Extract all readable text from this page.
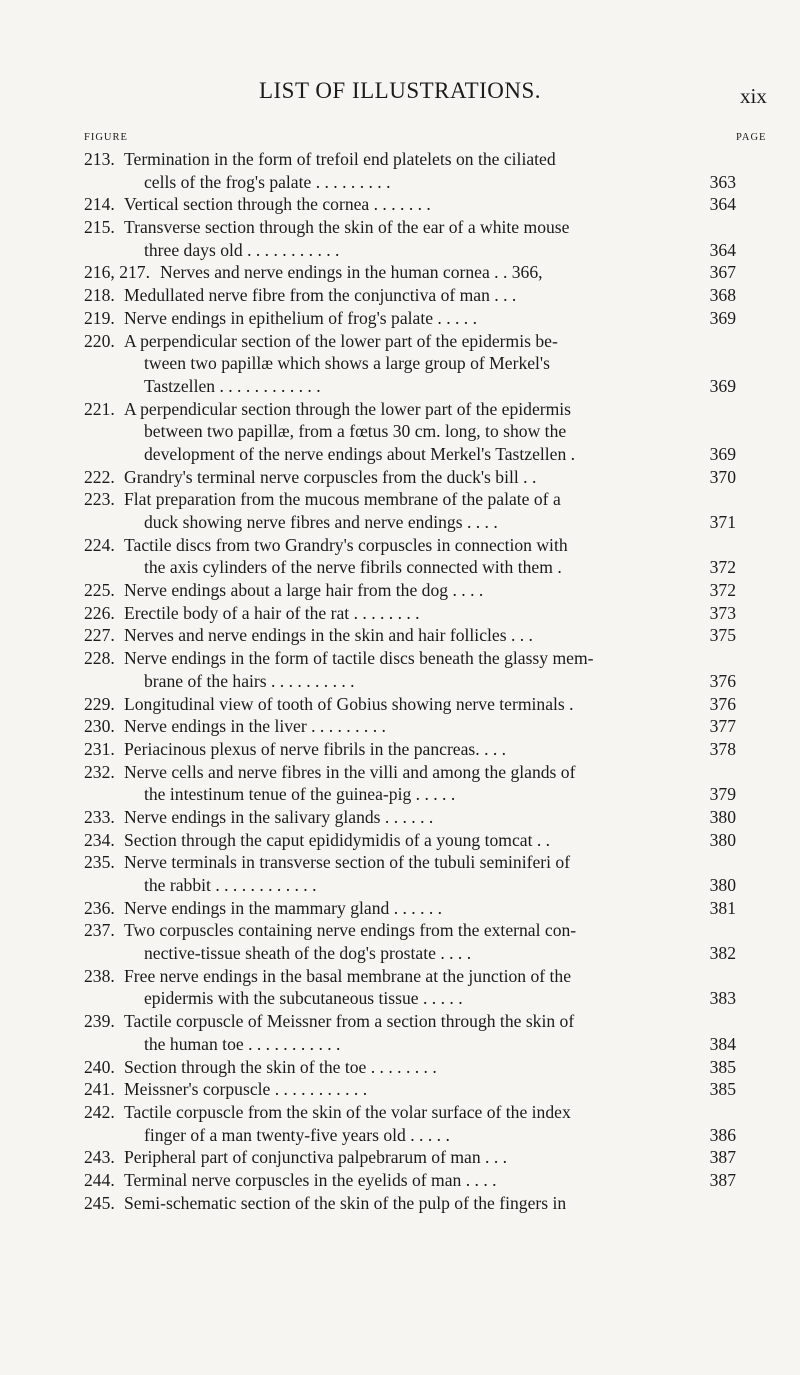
LIST OF ILLUSTRATIONS.	xix
FIGURE	PAGE
213. Termination in the form of trefoil end platelets on the ciliated
cells of the frog's palate . . . . . . . . .	363
214. Vertical section through the cornea . . . . . . .	364
215. Transverse section through the skin of the ear of a white mouse
three days old . . . . . . . . . . .	364
216, 217. Nerves and nerve endings in the human cornea . . 366,	367
218. Medullated nerve fibre from the conjunctiva of man . . .	368
219. Nerve endings in epithelium of frog's palate . . . . .	369
220. A perpendicular section of the lower part of the epidermis be-
tween two papillæ which shows a large group of Merkel's
Tastzellen . . . . . . . . . . . .	369
221. A perpendicular section through the lower part of the epidermis
between two papillæ, from a fœtus 30 cm. long, to show the
development of the nerve endings about Merkel's Tastzellen .	369
222. Grandry's terminal nerve corpuscles from the duck's bill . .	370
223. Flat preparation from the mucous membrane of the palate of a
duck showing nerve fibres and nerve endings . . . .	371
224. Tactile discs from two Grandry's corpuscles in connection with
the axis cylinders of the nerve fibrils connected with them .	372
225. Nerve endings about a large hair from the dog . . . .	372
226. Erectile body of a hair of the rat . . . . . . . .	373
227. Nerves and nerve endings in the skin and hair follicles . . .	375
228. Nerve endings in the form of tactile discs beneath the glassy mem-
brane of the hairs . . . . . . . . . .	376
229. Longitudinal view of tooth of Gobius showing nerve terminals .	376
230. Nerve endings in the liver . . . . . . . . .	377
231. Periacinous plexus of nerve fibrils in the pancreas. . . .	378
232. Nerve cells and nerve fibres in the villi and among the glands of
the intestinum tenue of the guinea-pig . . . . .	379
233. Nerve endings in the salivary glands . . . . . .	380
234. Section through the caput epididymidis of a young tomcat . .	380
235. Nerve terminals in transverse section of the tubuli seminiferi of
the rabbit . . . . . . . . . . . .	380
236. Nerve endings in the mammary gland . . . . . .	381
237. Two corpuscles containing nerve endings from the external con-
nective-tissue sheath of the dog's prostate . . . .	382
238. Free nerve endings in the basal membrane at the junction of the
epidermis with the subcutaneous tissue . . . . .	383
239. Tactile corpuscle of Meissner from a section through the skin of
the human toe . . . . . . . . . . .	384
240. Section through the skin of the toe . . . . . . . .	385
241. Meissner's corpuscle . . . . . . . . . . .	385
242. Tactile corpuscle from the skin of the volar surface of the index
finger of a man twenty-five years old . . . . .	386
243. Peripheral part of conjunctiva palpebrarum of man . . .	387
244. Terminal nerve corpuscles in the eyelids of man . . . .	387
245. Semi-schematic section of the skin of the pulp of the fingers in
